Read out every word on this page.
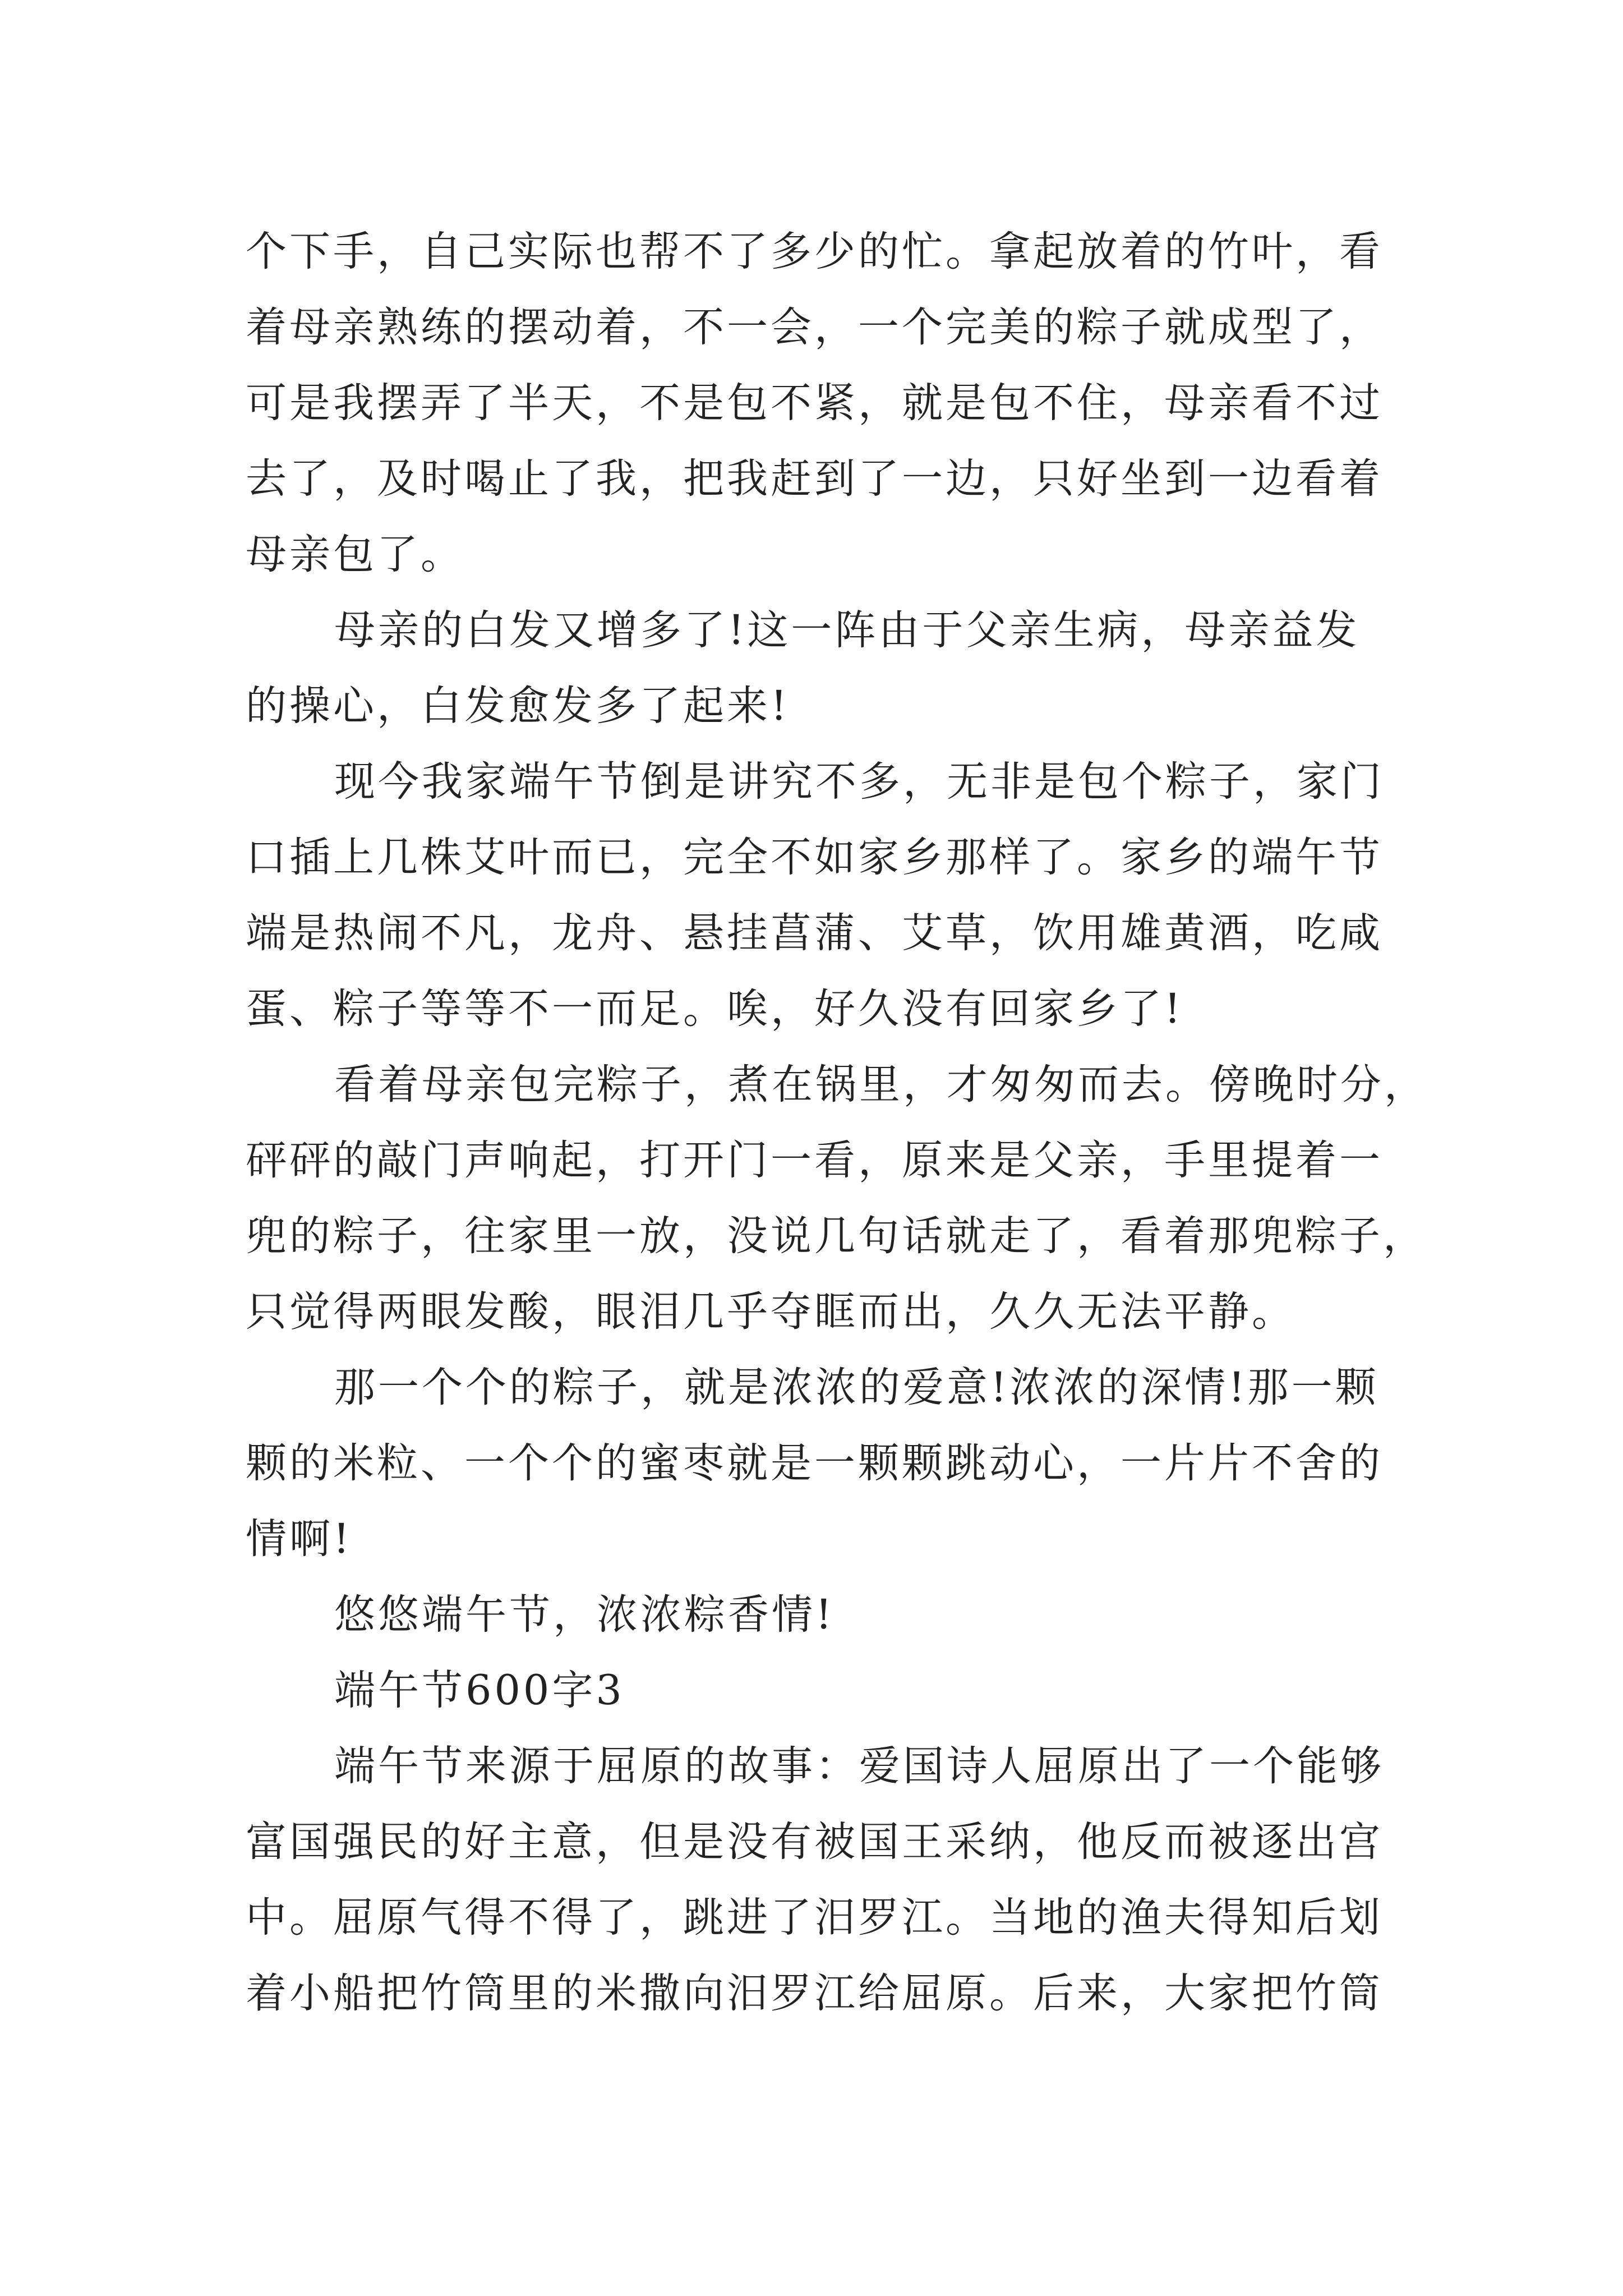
个下手，自己实际也帮不了多少的忙。拿起放着的竹叶，看
着母亲熟练的摆动着，不一会，一个完美的粽子就成型了，
可是我摆弄了半天，不是包不紧，就是包不住，母亲看不过
去了，及时喝止了我，把我赶到了一边，只好坐到一边看着
母亲包了。
母亲的白发又增多了!这一阵由于父亲生病，母亲益发
的操心，白发愈发多了起来!
现今我家端午节倒是讲究不多，无非是包个粽子，家门
口插上几株艾叶而已，完全不如家乡那样了。家乡的端午节
端是热闹不凡，龙舟、悬挂菖蒲、艾草，饮用雄黄酒，吃咸
蛋、粽子等等不一而足。唉，好久没有回家乡了!
看着母亲包完粽子，煮在锅里，才匆匆而去。傍晚时分，
砰砰的敲门声响起，打开门一看，原来是父亲，手里提着一
兜的粽子，往家里一放，没说几句话就走了，看着那兜粽子，
只觉得两眼发酸，眼泪几乎夺眶而出，久久无法平静。
那一个个的粽子，就是浓浓的爱意!浓浓的深情!那一颗
颗的米粒、一个个的蜜枣就是一颗颗跳动心，一片片不舍的
情啊!
悠悠端午节，浓浓粽香情!
端午节600字3
端午节来源于屈原的故事：爱国诗人屈原出了一个能够
富国强民的好主意，但是没有被国王采纳，他反而被逐出宫
中。屈原气得不得了，跳进了汨罗江。当地的渔夫得知后划
着小船把竹筒里的米撒向汨罗江给屈原。后来，大家把竹筒
